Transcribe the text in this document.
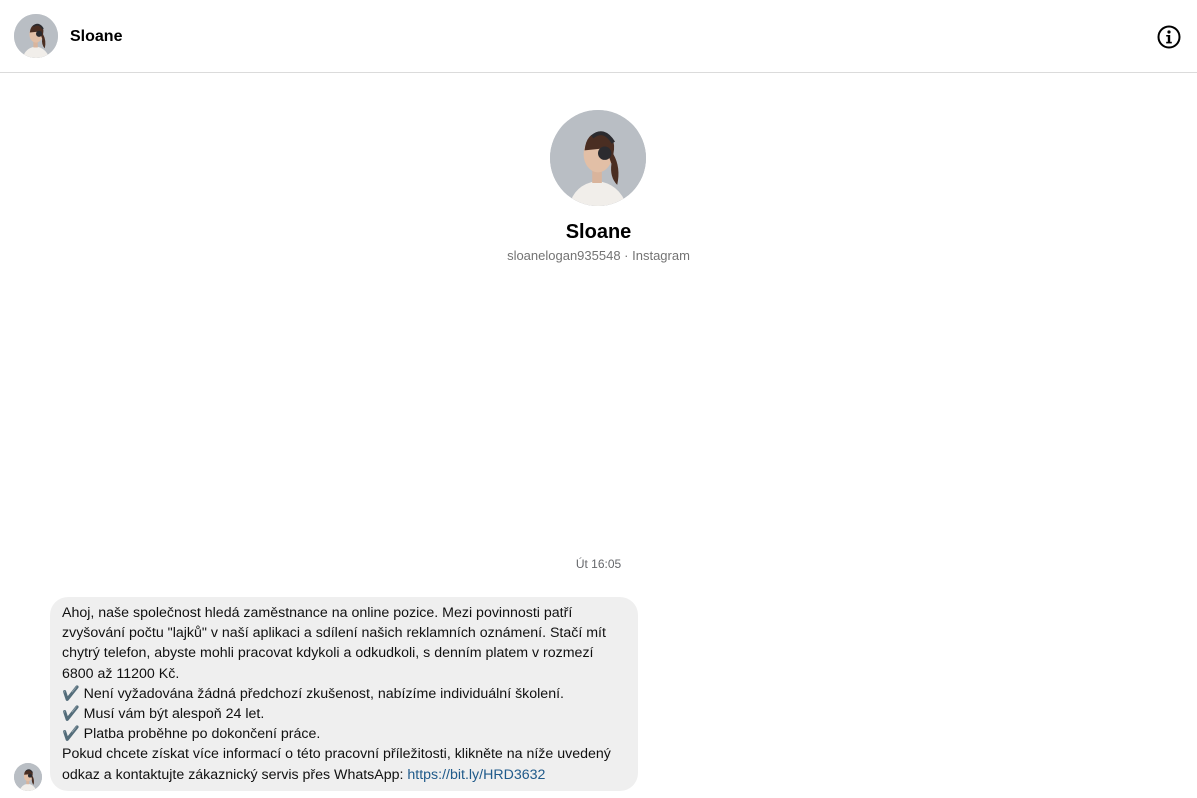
Sloane
Sloane
sloanelogan935548 · Instagram
Út 16:05

Ahoj, naše společnost hledá zaměstnance na online pozice. Mezi povinnosti patří zvyšování počtu "lajků" v naší aplikaci a sdílení našich reklamních oznámení. Stačí mít chytrý telefon, abyste mohli pracovat kdykoli a odkudkoli, s denním platem v rozmezí 6800 až 11200 Kč.

✔️ Není vyžadována žádná předchozí zkušenost, nabízíme individuální školení.

✔️ Musí vám být alespoň 24 let.

✔️ Platba proběhne po dokončení práce.

Pokud chcete získat více informací o této pracovní příležitosti, klikněte na níže uvedený odkaz a kontaktujte zákaznický servis přes WhatsApp: https://bit.ly/HRD3632
